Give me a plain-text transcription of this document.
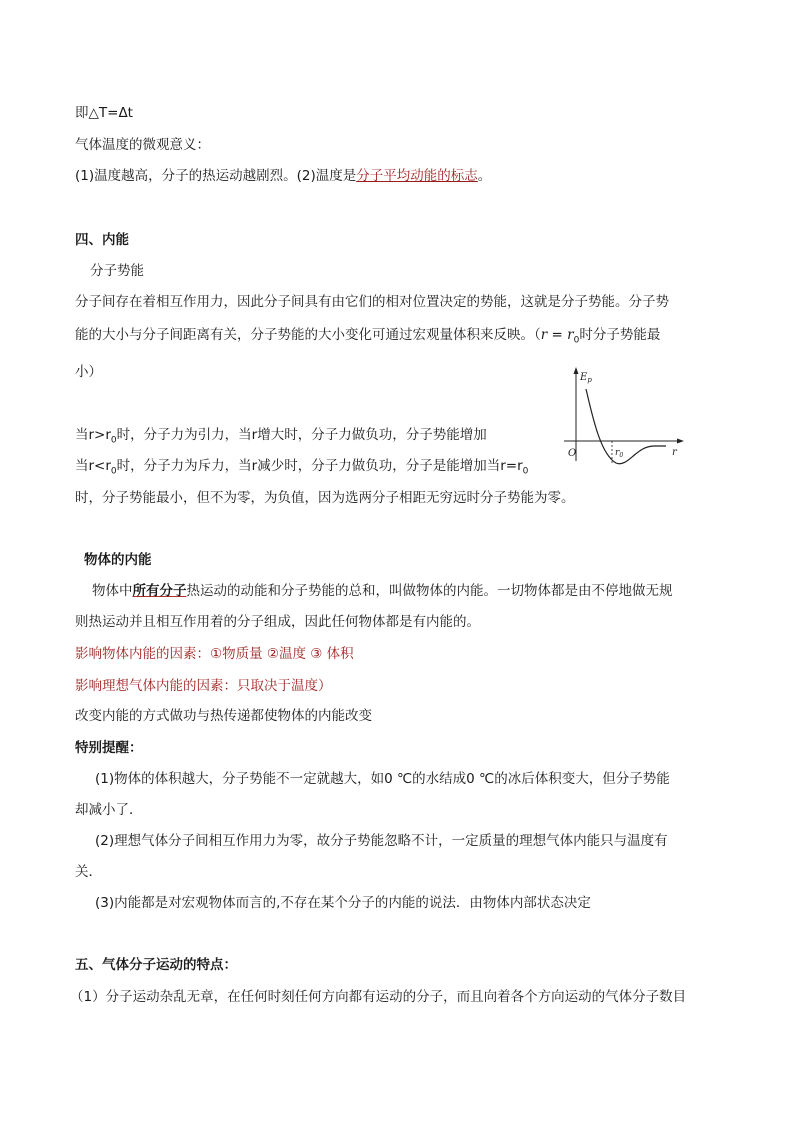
即△T=Δt
气体温度的微观意义：
(1)温度越高，分子的热运动越剧烈。(2)温度是分子平均动能的标志。
四、内能
分子势能
分子间存在着相互作用力，因此分子间具有由它们的相对位置决定的势能，这就是分子势能。分子势
能的大小与分子间距离有关，分子势能的大小变化可通过宏观量体积来反映。（$r = r_0$时分子势能最
小）
当$r>r_0$时，分子力为引力，当r增大时，分子力做负功，分子势能增加
当$r<r_0$时，分子力为斥力，当r减少时，分子力做负功，分子是能增加当$r=r_0$
时，分子势能最小，但不为零，为负值，因为选两分子相距无穷远时分子势能为零。
物体的内能
物体中所有分子热运动的动能和分子势能的总和，叫做物体的内能。一切物体都是由不停地做无规
则热运动并且相互作用着的分子组成，因此任何物体都是有内能的。
影响物体内能的因素：①物质量 ②温度 ③ 体积
影响理想气体内能的因素：只取决于温度）
改变内能的方式做功与热传递都使物体的内能改变
特别提醒：
(1)物体的体积越大，分子势能不一定就越大，如0 ℃的水结成0 ℃的冰后体积变大，但分子势能
却减小了．
(2)理想气体分子间相互作用力为零，故分子势能忽略不计，一定质量的理想气体内能只与温度有
关．
(3)内能都是对宏观物体而言的,不存在某个分子的内能的说法．由物体内部状态决定
五、气体分子运动的特点：
（1）分子运动杂乱无章，在任何时刻任何方向都有运动的分子，而且向着各个方向运动的气体分子数目
$E_p$
O	r
$r_0$
